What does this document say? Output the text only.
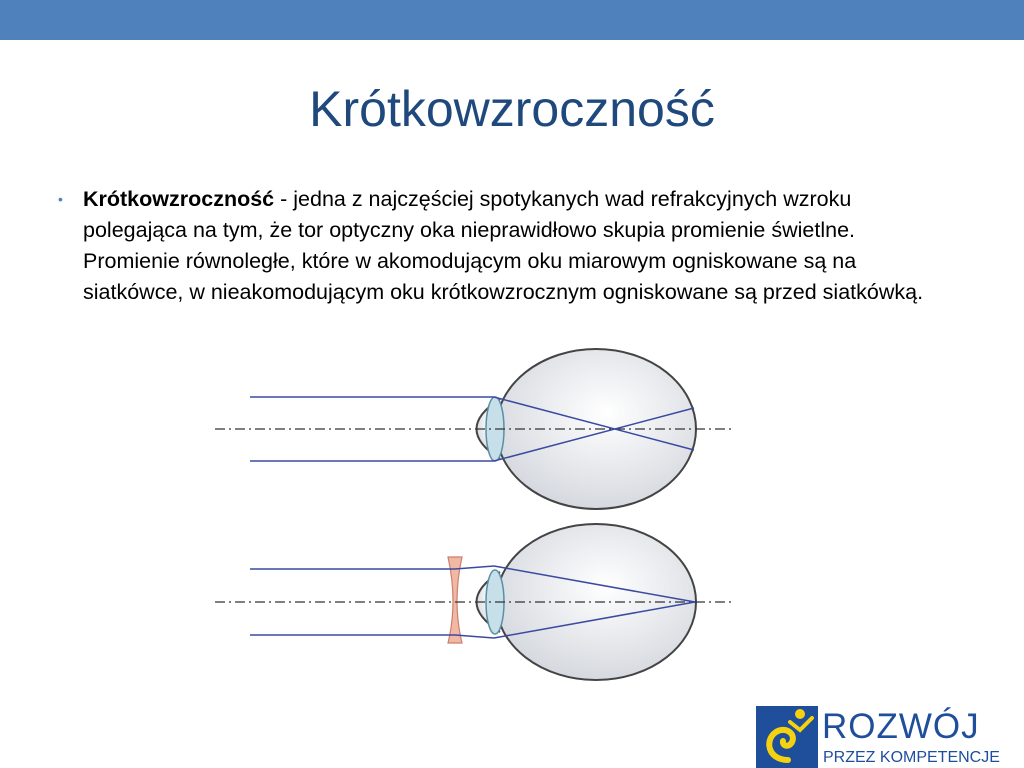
Krótkowzroczność
• Krótkowzroczność - jedna z najczęściej spotykanych wad refrakcyjnych wzroku polegająca na tym, że tor optyczny oka nieprawidłowo skupia promienie świetlne. Promienie równoległe, które w akomodującym oku miarowym ogniskowane są na siatkówce, w nieakomodującym oku krótkowzrocznym ogniskowane są przed siatkówką.
ROZWÓJ
PRZEZ KOMPETENCJE
